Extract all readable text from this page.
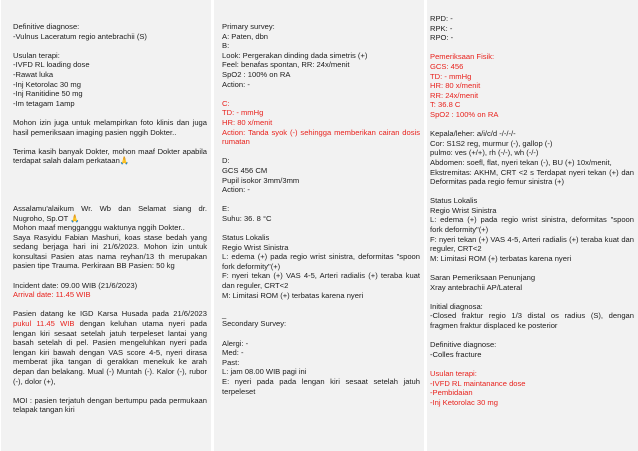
Definitive diagnose:
-Vulnus Laceratum regio antebrachii (S)
Usulan terapi:
-IVFD RL loading dose
-Rawat luka
-Inj Ketorolac 30 mg
-Inj Ranitidine 50 mg
-Im tetagam 1amp
Mohon izin juga untuk melampirkan foto klinis dan juga hasil pemeriksaan imaging pasien nggih Dokter..
Terima kasih banyak Dokter, mohon maaf Dokter apabila terdapat salah dalam perkataan🙏
Assalamu'alaikum Wr. Wb dan Selamat siang dr. Nugroho, Sp.OT 🙏
Mohon maaf mengganggu waktunya nggih Dokter..
Saya Rasyidu Fabian Mashuri, koas stase bedah yang sedang berjaga hari ini 21/6/2023. Mohon izin untuk konsultasi Pasien atas nama reyhan/13 th merupakan pasien tipe Trauma. Perkiraan BB Pasien: 50 kg
Incident date: 09.00 WIB (21/6/2023)
Arrival date: 11.45 WIB
Pasien datang ke IGD Karsa Husada pada 21/6/2023 pukul 11.45 WIB dengan keluhan utama nyeri pada lengan kiri sesaat setelah jatuh terpeleset lantai yang basah setelah di pel. Pasien mengeluhkan nyeri pada lengan kiri bawah dengan VAS score 4-5, nyeri dirasa memberat jika tangan di gerakkan menekuk ke arah depan dan belakang. Mual (-) Muntah (-). Kalor (-), rubor (-), dolor (+),
MOI : pasien terjatuh dengan bertumpu pada permukaan telapak tangan kiri
Primary survey:
A: Paten, dbn
B:
Look: Pergerakan dinding dada simetris (+)
Feel: benafas spontan, RR: 24x/menit
SpO2 : 100% on RA
Action: -
C:
TD: - mmHg
HR: 80 x/menit
Action: Tanda syok (-) sehingga memberikan cairan dosis rumatan
D:
GCS 456 CM
Pupil isokor 3mm/3mm
Action: -
E:
Suhu: 36. 8 °C
Status Lokalis
Regio Wrist Sinistra
L: edema (+) pada regio wrist sinistra, deformitas "spoon fork deformity"(+)
F: nyeri tekan (+) VAS 4-5, Arteri radialis (+) teraba kuat dan reguler, CRT<2
M: Limitasi ROM (+) terbatas karena nyeri
_
Secondary Survey:
Alergi: -
Med: -
Past:
L: jam 08.00 WIB pagi ini
E: nyeri pada pada lengan kiri sesaat setelah jatuh terpeleset
RPD: -
RPK: -
RPO: -
Pemeriksaan Fisik:
GCS: 456
TD: - mmHg
HR: 80 x/menit
RR: 24x/menit
T: 36.8 C
SpO2 : 100% on RA
Kepala/leher: a/i/c/d -/-/-/-
Cor: S1S2 reg, murmur (-), gallop (-)
pulmo: ves (+/+), rh (-/-), wh (-/-)
Abdomen: soefl, flat, nyeri tekan (-), BU (+) 10x/menit,
Ekstremitas: AKHM, CRT <2 s Terdapat nyeri tekan (+) dan Deformitas pada regio femur sinistra (+)
Status Lokalis
Regio Wrist Sinistra
L: edema (+) pada regio wrist sinistra, deformitas "spoon fork deformity"(+)
F: nyeri tekan (+) VAS 4-5, Arteri radialis (+) teraba kuat dan reguler, CRT<2
M: Limitasi ROM (+) terbatas karena nyeri
Saran Pemeriksaan Penunjang
Xray antebrachii AP/Lateral
Initial diagnosa:
-Closed fraktur regio 1/3 distal os radius (S), dengan fragmen fraktur displaced ke posterior
Definitive diagnose:
-Colles fracture
Usulan terapi:
-IVFD RL maintanance dose
-Pembidaian
-Inj Ketorolac 30 mg
